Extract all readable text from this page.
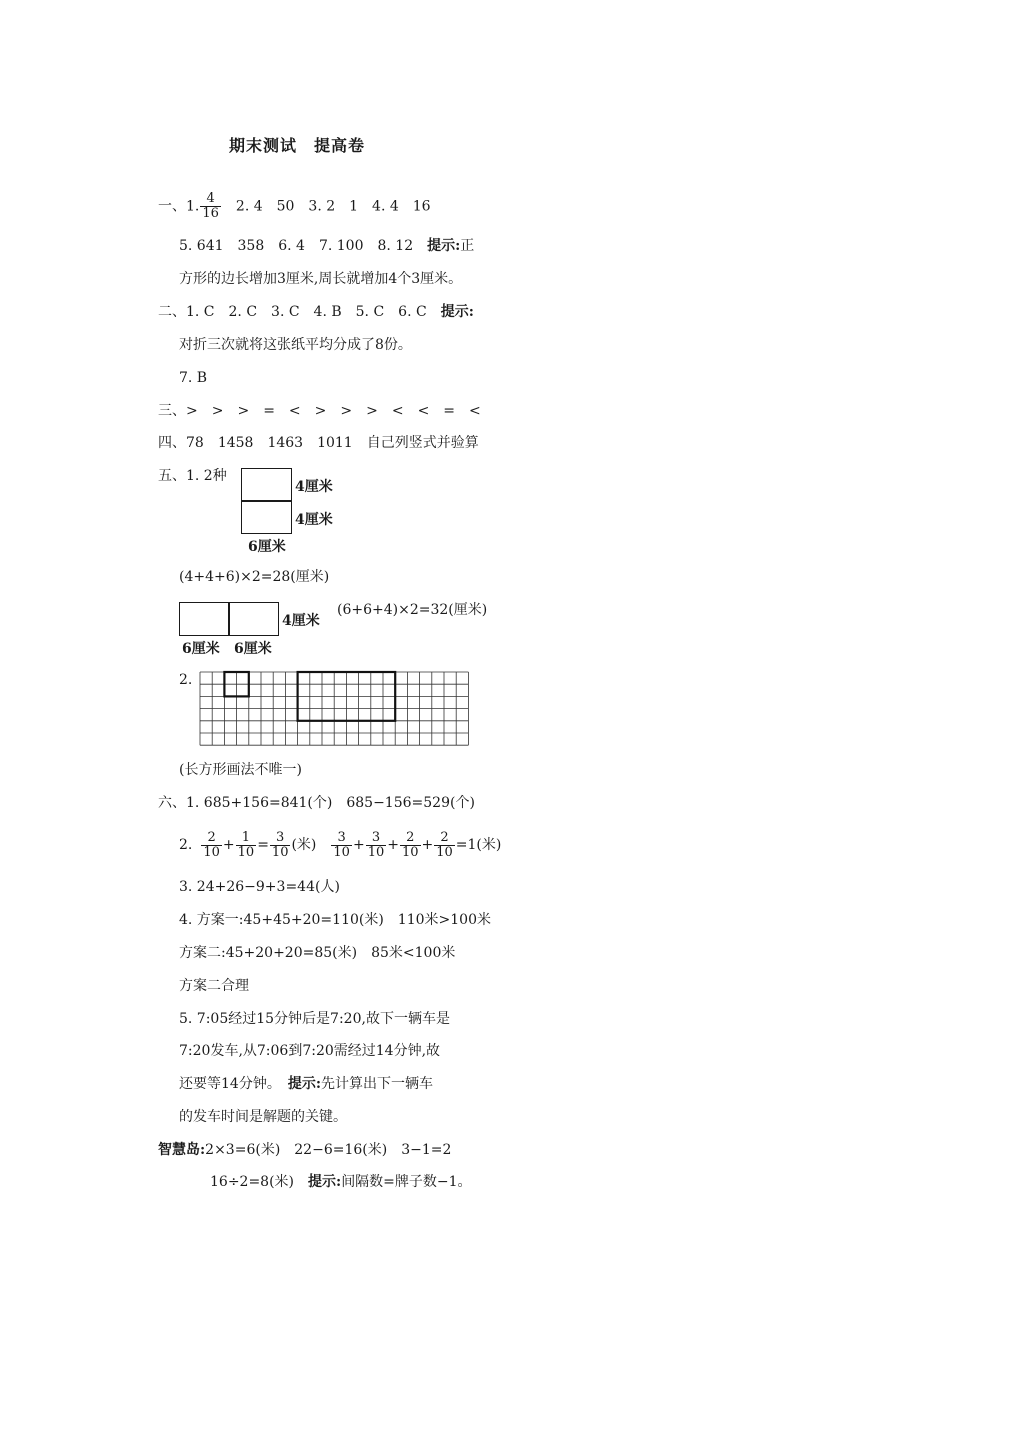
期末测试　提高卷
一、1. $\frac{4}{16} 2$. 4　50　3. 2　1　4. 4　16
5. 641　358　6. 4　7. 100　8. 12　提示:正
方形的边长增加3厘米,周长就增加4个3厘米。
二、1. C　2. C　3. C　4. B　5. C　6. C　提示:
对折三次就将这张纸平均分成了8份。
7. B
三、>　>　>　=　<　>　>　>　<　<　=　<
四、78　1458　1463　1011　自己列竖式并验算
五、1. 2种
4厘米
4厘米
6厘米
(4+4+6)×2=28(厘米)
4厘米
6厘米 6厘米
(6+6+4)×2=32(厘米)
2.
(长方形画法不唯一)
六、1. 685+156=841(个)　685−156=529(个)
2. $\frac{2}{10} + \frac{1}{10} = \frac{3}{10}$ (米) $\frac{3}{10} + \frac{3}{10} + \frac{2}{10} + \frac{2}{10} =1$(米)
3. 24+26−9+3=44(人)
4. 方案一:45+45+20=110(米)　110米>100米
方案二:45+20+20=85(米)　85米<100米
方案二合理
5. 7:05经过15分钟后是7:20,故下一辆车是
7:20发车,从7:06到7:20需经过14分钟,故
还要等14分钟。　提示:先计算出下一辆车
的发车时间是解题的关键。
智慧岛:2×3=6(米)　22−6=16(米)　3−1=2
16÷2=8(米)　提示:间隔数=牌子数−1。
